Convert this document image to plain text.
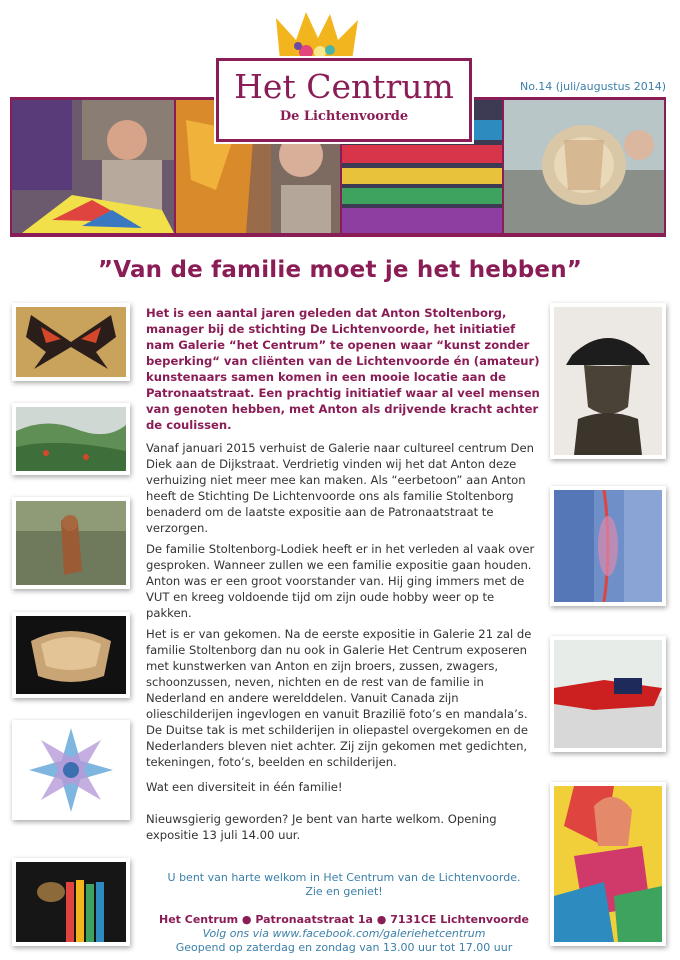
Het Centrum
De Lichtenvoorde
No.14 (juli/augustus 2014)
”Van de familie moet je het hebben”

Het is een aantal jaren geleden dat Anton Stoltenborg, manager bij de stichting De Lichtenvoorde, het initiatief nam Galerie “het Centrum” te openen waar “kunst zonder beperking“ van cliënten van de Lichtenvoorde én (amateur) kunstenaars samen komen in een mooie locatie aan de Patronaatstraat. Een prachtig initiatief waar al veel mensen van genoten hebben, met Anton als drijvende kracht achter de coulissen.

Vanaf januari 2015 verhuist de Galerie naar cultureel centrum Den Diek aan de Dijkstraat. Verdrietig vinden wij het dat Anton deze verhuizing niet meer mee kan maken. Als “eerbetoon” aan Anton heeft de Stichting De Lichtenvoorde ons als familie Stoltenborg benaderd om de laatste expositie aan de Patronaatstraat te verzorgen.

De familie Stoltenborg-Lodiek heeft er in het verleden al vaak over gesproken. Wanneer zullen we een familie expositie gaan houden. Anton was er een groot voorstander van. Hij ging immers met de VUT en kreeg voldoende tijd om zijn oude hobby weer op te pakken.

Het is er van gekomen. Na de eerste expositie in Galerie 21 zal de familie Stoltenborg dan nu ook in Galerie Het Centrum exposeren met kunstwerken van Anton en zijn broers, zussen, zwagers, schoonzussen, neven, nichten en de rest van de familie in Nederland en andere werelddelen. Vanuit Canada zijn olieschilderijen ingevlogen en vanuit Brazilië foto’s en mandala’s. De Duitse tak is met schilderijen in oliepastel overgekomen en de Nederlanders bleven niet achter. Zij zijn gekomen met gedichten, tekeningen, foto’s, beelden en schilderijen.

Wat een diversiteit in één familie!

Nieuwsgierig geworden? Je bent van harte welkom. Opening expositie 13 juli 14.00 uur.

U bent van harte welkom in Het Centrum van de Lichtenvoorde.
Zie en geniet!
Het Centrum ● Patronaatstraat 1a ● 7131CE Lichtenvoorde
Volg ons via www.facebook.com/galeriehetcentrum
Geopend op zaterdag en zondag van 13.00 uur tot 17.00 uur
